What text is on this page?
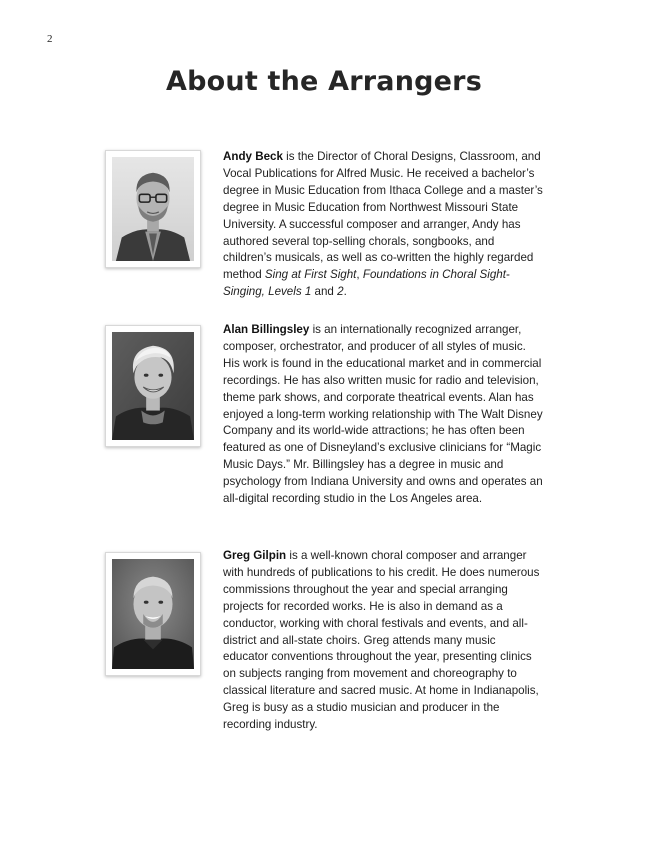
2
About the Arrangers

Andy Beck is the Director of Choral Designs, Classroom, and Vocal Publications for Alfred Music. He received a bachelor’s degree in Music Education from Ithaca College and a master’s degree in Music Education from Northwest Missouri State University. A successful composer and arranger, Andy has authored several top-selling chorals, songbooks, and children’s musicals, as well as co-written the highly regarded method Sing at First Sight, Foundations in Choral Sight-Singing, Levels 1 and 2.

Alan Billingsley is an internationally recognized arranger, composer, orchestrator, and producer of all styles of music. His work is found in the educational market and in commercial recordings. He has also written music for radio and television, theme park shows, and corporate theatrical events. Alan has enjoyed a long-term working relationship with The Walt Disney Company and its world-wide attractions; he has often been featured as one of Disneyland’s exclusive clinicians for “Magic Music Days.” Mr. Billingsley has a degree in music and psychology from Indiana University and owns and operates an all-digital recording studio in the Los Angeles area.

Greg Gilpin is a well-known choral composer and arranger with hundreds of publications to his credit. He does numerous commissions throughout the year and special arranging projects for recorded works. He is also in demand as a conductor, working with choral festivals and events, and all-district and all-state choirs. Greg attends many music educator conventions throughout the year, presenting clinics on subjects ranging from movement and choreography to classical literature and sacred music. At home in Indianapolis, Greg is busy as a studio musician and producer in the recording industry.
